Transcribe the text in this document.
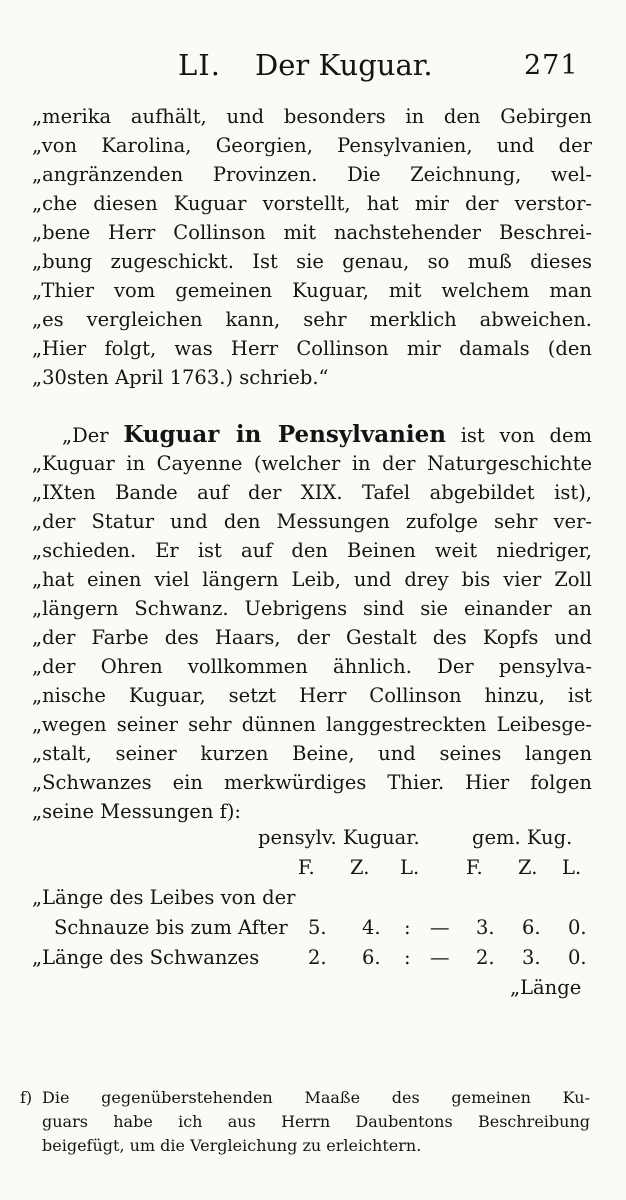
LI. Der Kuguar.	271
„merika aufhält, und besonders in den Gebirgen
„von Karolina, Georgien, Pensylvanien, und der
„angränzenden Provinzen. Die Zeichnung, wel-
„che diesen Kuguar vorstellt, hat mir der verstor-
„bene Herr Collinson mit nachstehender Beschrei-
„bung zugeschickt. Ist sie genau, so muß dieses
„Thier vom gemeinen Kuguar, mit welchem man
„es vergleichen kann, sehr merklich abweichen.
„Hier folgt, was Herr Collinson mir damals (den
„30sten April 1763.) schrieb.“
„Der Kuguar in Pensylvanien ist von dem
„Kuguar in Cayenne (welcher in der Naturgeschichte
„IXten Bande auf der XIX. Tafel abgebildet ist),
„der Statur und den Messungen zufolge sehr ver-
„schieden. Er ist auf den Beinen weit niedriger,
„hat einen viel längern Leib, und drey bis vier Zoll
„längern Schwanz. Uebrigens sind sie einander an
„der Farbe des Haars, der Gestalt des Kopfs und
„der Ohren vollkommen ähnlich. Der pensylva-
„nische Kuguar, setzt Herr Collinson hinzu, ist
„wegen seiner sehr dünnen langgestreckten Leibesge-
„stalt, seiner kurzen Beine, und seines langen
„Schwanzes ein merkwürdiges Thier. Hier folgen
„seine Messungen f):
pensylv. Kuguar.	gem. Kug.
F. Z. L. F. Z. L.
„Länge des Leibes von der
Schnauze bis zum After 5. 4. : — 3. 6. 0.
„Länge des Schwanzes	2. 6. : — 2. 3. 0.
„Länge
f) Die gegenüberstehenden Maaße des gemeinen Ku-
guars habe ich aus Herrn Daubentons Beschreibung
beigefügt, um die Vergleichung zu erleichtern.
